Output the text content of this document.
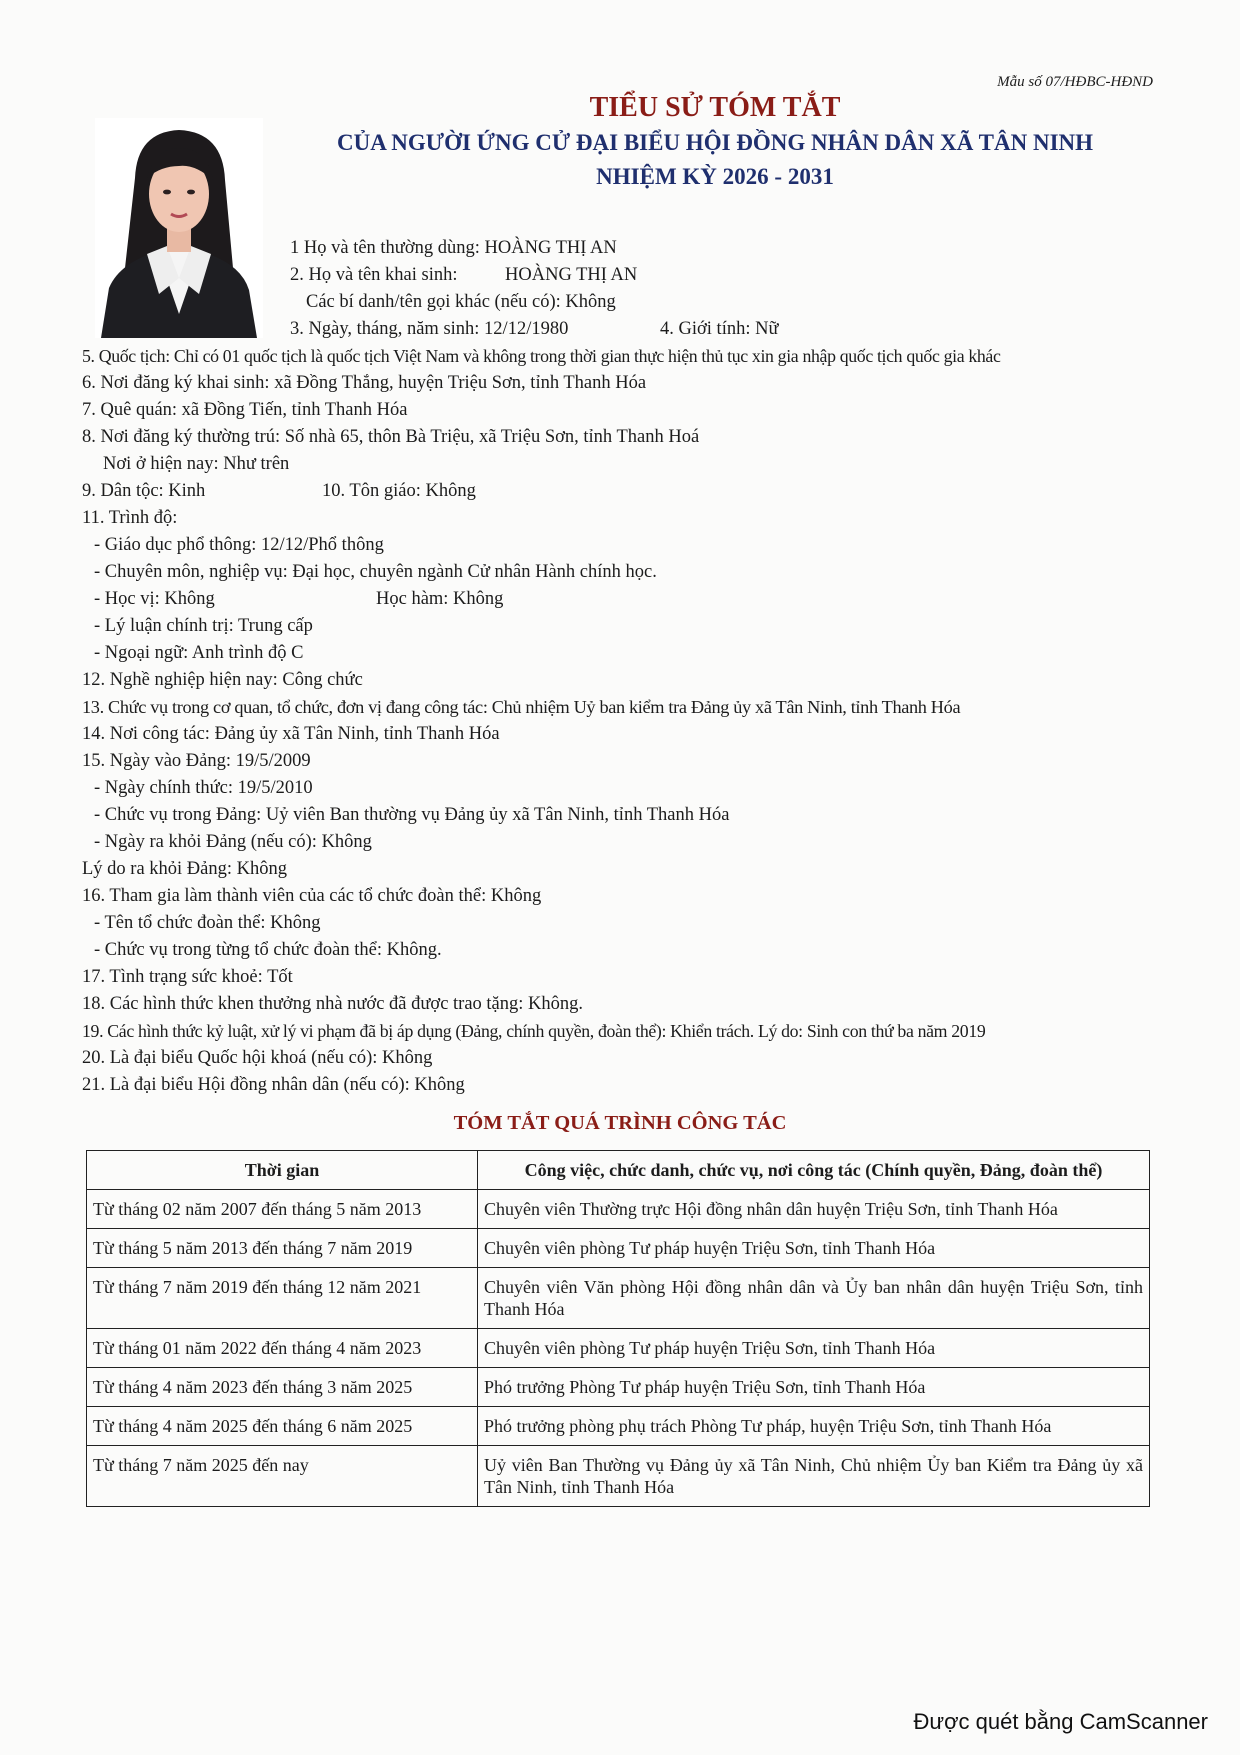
Mẫu số 07/HĐBC-HĐND

TIỂU SỬ TÓM TẮT

CỦA NGƯỜI ỨNG CỬ ĐẠI BIỂU HỘI ĐỒNG NHÂN DÂN XÃ TÂN NINH

NHIỆM KỲ 2026 - 2031

1 Họ và tên thường dùng: HOÀNG THỊ AN
2. Họ và tên khai sinh:	HOÀNG THỊ AN
Các bí danh/tên gọi khác (nếu có): Không
3. Ngày, tháng, năm sinh: 12/12/1980	4. Giới tính: Nữ
5. Quốc tịch: Chỉ có 01 quốc tịch là quốc tịch Việt Nam và không trong thời gian thực hiện thủ tục xin gia nhập quốc tịch quốc gia khác
6. Nơi đăng ký khai sinh: xã Đồng Thắng, huyện Triệu Sơn, tỉnh Thanh Hóa
7. Quê quán: xã Đồng Tiến, tỉnh Thanh Hóa
8. Nơi đăng ký thường trú: Số nhà 65, thôn Bà Triệu, xã Triệu Sơn, tỉnh Thanh Hoá
Nơi ở hiện nay: Như trên
9. Dân tộc: Kinh	10. Tôn giáo: Không
11. Trình độ:
- Giáo dục phổ thông: 12/12/Phổ thông
- Chuyên môn, nghiệp vụ: Đại học, chuyên ngành Cử nhân Hành chính học.
- Học vị: Không	Học hàm: Không
- Lý luận chính trị: Trung cấp
- Ngoại ngữ: Anh trình độ C
12. Nghề nghiệp hiện nay: Công chức
13. Chức vụ trong cơ quan, tổ chức, đơn vị đang công tác: Chủ nhiệm Uỷ ban kiểm tra Đảng ủy xã Tân Ninh, tỉnh Thanh Hóa
14. Nơi công tác: Đảng ủy xã Tân Ninh, tỉnh Thanh Hóa
15. Ngày vào Đảng: 19/5/2009
- Ngày chính thức: 19/5/2010
- Chức vụ trong Đảng: Uỷ viên Ban thường vụ Đảng ủy xã Tân Ninh, tỉnh Thanh Hóa
- Ngày ra khỏi Đảng (nếu có): Không
Lý do ra khỏi Đảng: Không
16. Tham gia làm thành viên của các tổ chức đoàn thể: Không
- Tên tổ chức đoàn thể: Không
- Chức vụ trong từng tổ chức đoàn thể: Không.
17. Tình trạng sức khoẻ: Tốt
18. Các hình thức khen thưởng nhà nước đã được trao tặng: Không.
19. Các hình thức kỷ luật, xử lý vi phạm đã bị áp dụng (Đảng, chính quyền, đoàn thể): Khiển trách. Lý do: Sinh con thứ ba năm 2019
20. Là đại biểu Quốc hội khoá (nếu có): Không
21. Là đại biểu Hội đồng nhân dân (nếu có): Không
TÓM TẮT QUÁ TRÌNH CÔNG TÁC
Thời gian	Công việc, chức danh, chức vụ, nơi công tác (Chính quyền, Đảng, đoàn thể)
Từ tháng 02 năm 2007 đến tháng 5 năm 2013	Chuyên viên Thường trực Hội đồng nhân dân huyện Triệu Sơn, tỉnh Thanh Hóa
Từ tháng 5 năm 2013 đến tháng 7 năm 2019	Chuyên viên phòng Tư pháp huyện Triệu Sơn, tỉnh Thanh Hóa
Từ tháng 7 năm 2019 đến tháng 12 năm 2021	Chuyên viên Văn phòng Hội đồng nhân dân và Ủy ban nhân dân huyện Triệu Sơn, tỉnh Thanh Hóa
Từ tháng 01 năm 2022 đến tháng 4 năm 2023	Chuyên viên phòng Tư pháp huyện Triệu Sơn, tỉnh Thanh Hóa
Từ tháng 4 năm 2023 đến tháng 3 năm 2025	Phó trưởng Phòng Tư pháp huyện Triệu Sơn, tỉnh Thanh Hóa
Từ tháng 4 năm 2025 đến tháng 6 năm 2025	Phó trưởng phòng phụ trách Phòng Tư pháp, huyện Triệu Sơn, tỉnh Thanh Hóa
Từ tháng 7 năm 2025 đến nay	Uỷ viên Ban Thường vụ Đảng ủy xã Tân Ninh, Chủ nhiệm Ủy ban Kiểm tra Đảng ủy xã Tân Ninh, tỉnh Thanh Hóa
Được quét bằng CamScanner
